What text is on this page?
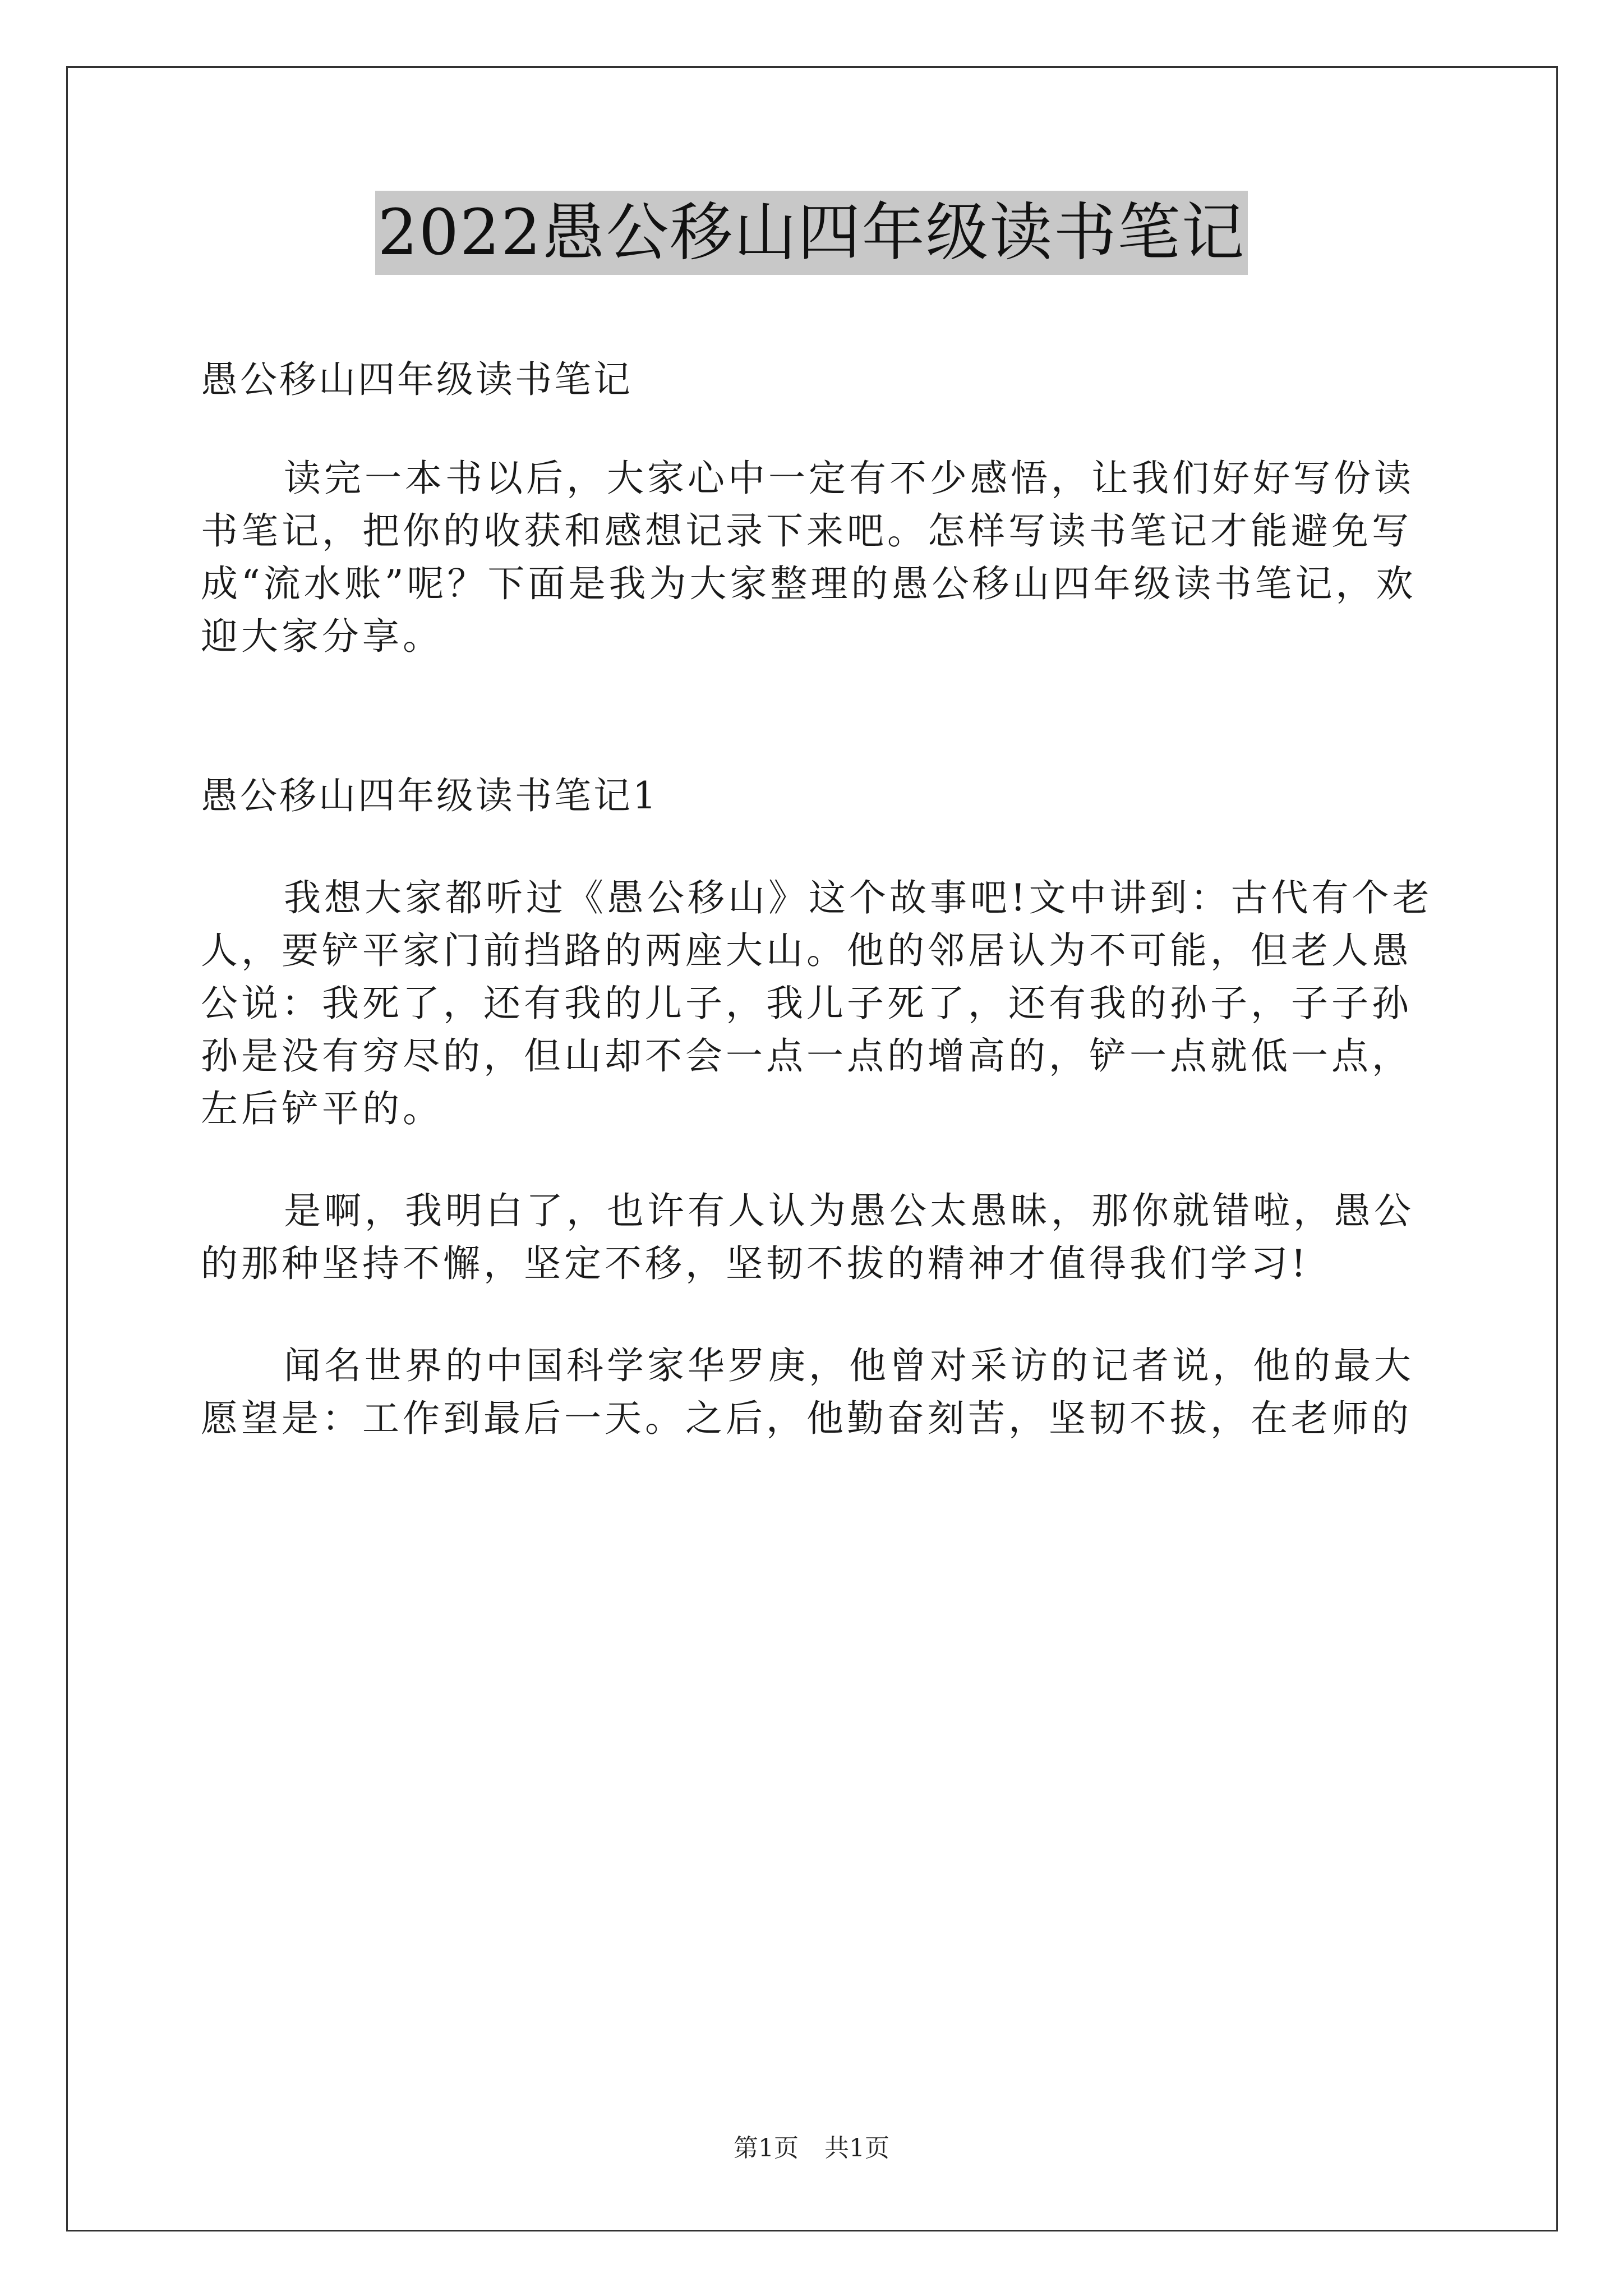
2022愚公移山四年级读书笔记

愚公移山四年级读书笔记

读完一本书以后，大家心中一定有不少感悟，让我们好好写份读书笔记，把你的收获和感想记录下来吧。怎样写读书笔记才能避免写成“流水账”呢？下面是我为大家整理的愚公移山四年级读书笔记，欢迎大家分享。

愚公移山四年级读书笔记1

我想大家都听过《愚公移山》这个故事吧!文中讲到：古代有个老人，要铲平家门前挡路的两座大山。他的邻居认为不可能，但老人愚公说：我死了，还有我的儿子，我儿子死了，还有我的孙子，子子孙孙是没有穷尽的，但山却不会一点一点的增高的，铲一点就低一点，左后铲平的。

是啊，我明白了，也许有人认为愚公太愚昧，那你就错啦，愚公的那种坚持不懈，坚定不移，坚韧不拔的精神才值得我们学习!

闻名世界的中国科学家华罗庚，他曾对采访的记者说，他的最大愿望是：工作到最后一天。之后，他勤奋刻苦，坚韧不拔，在老师的

第1页 共1页
